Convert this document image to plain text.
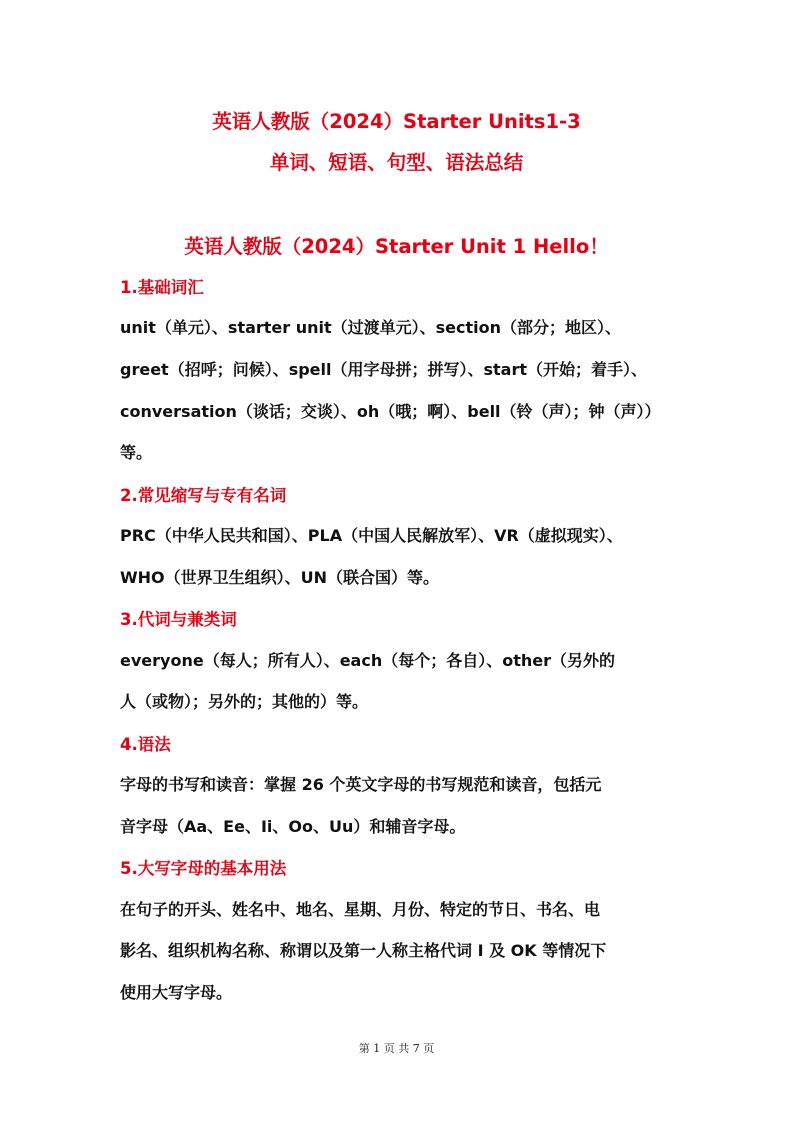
英语人教版（2024）Starter Units1-3
单词、短语、句型、语法总结
英语人教版（2024）Starter Unit 1 Hello！
1.基础词汇
unit（单元）、starter unit（过渡单元）、section（部分；地区）、
greet（招呼；问候）、spell（用字母拼；拼写）、start（开始；着手）、
conversation（谈话；交谈）、oh（哦；啊）、bell（铃（声）；钟（声））
等。
2.常见缩写与专有名词
PRC（中华人民共和国）、PLA（中国人民解放军）、VR（虚拟现实）、
WHO（世界卫生组织）、UN（联合国）等。
3.代词与兼类词
everyone（每人；所有人）、each（每个；各自）、other（另外的
人（或物）；另外的；其他的）等。
4.语法
字母的书写和读音：掌握 26 个英文字母的书写规范和读音，包括元
音字母（Aa、Ee、Ii、Oo、Uu）和辅音字母。
5.大写字母的基本用法
在句子的开头、姓名中、地名、星期、月份、特定的节日、书名、电
影名、组织机构名称、称谓以及第一人称主格代词 I 及 OK 等情况下
使用大写字母。
第 1 页 共 7 页
